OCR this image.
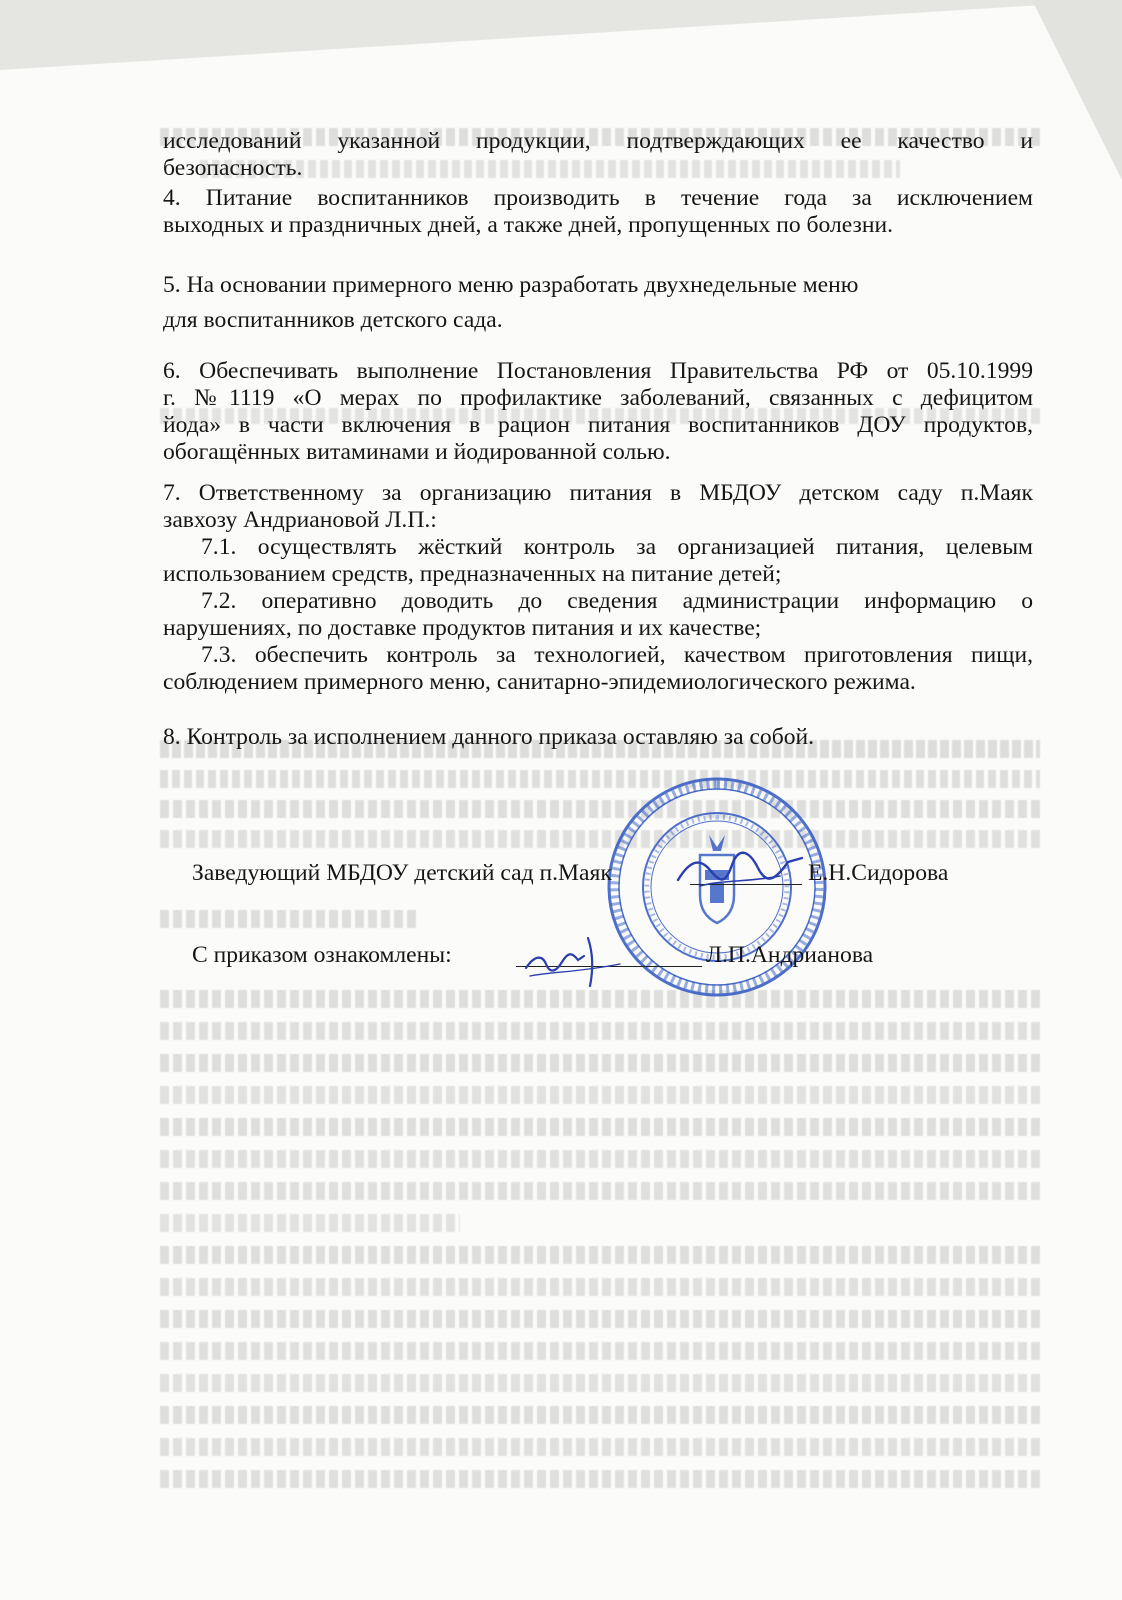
исследований указанной продукции, подтверждающих ее качество и
безопасность.
4. Питание воспитанников производить в течение года за исключением
выходных и праздничных дней, а также дней, пропущенных по болезни.
5. На основании примерного меню разработать двухнедельные меню
для воспитанников детского сада.
6. Обеспечивать выполнение Постановления Правительства РФ от 05.10.1999
г. №1119 «О мерах по профилактике заболеваний, связанных с дефицитом
йода» в части включения в рацион питания воспитанников ДОУ продуктов,
обогащённых витаминами и йодированной солью.
7. Ответственному за организацию питания в МБДОУ детском саду п.Маяк
завхозу Андриановой Л.П.:
7.1. осуществлять жёсткий контроль за организацией питания, целевым
использованием средств, предназначенных на питание детей;
7.2. оперативно доводить до сведения администрации информацию о
нарушениях, по доставке продуктов питания и их качестве;
7.3. обеспечить контроль за технологией, качеством приготовления пищи,
соблюдением примерного меню, санитарно-эпидемиологического режима.
8. Контроль за исполнением данного приказа оставляю за собой.
Заведующий МБДОУ детский сад п.Маяк	Е.Н.Сидорова
С приказом ознакомлены:	Л.П.Андрианова
